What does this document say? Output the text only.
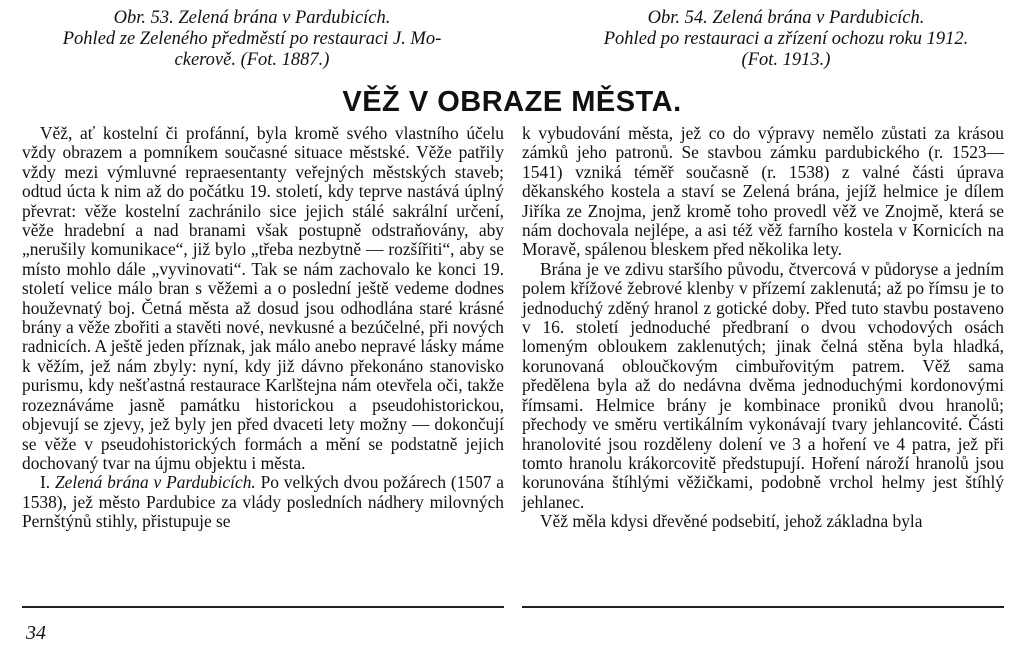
Obr. 53. Zelená brána v Pardubicích.

Pohled ze Zeleného předměstí po restauraci J. Mo-

ckerově. (Fot. 1887.)

Obr. 54. Zelená brána v Pardubicích.

Pohled po restauraci a zřízení ochozu roku 1912.

(Fot. 1913.)

VĚŽ V OBRAZE MĚSTA.

Věž, ať kostelní či profánní, byla kromě svého vlastního účelu vždy obrazem a pomníkem současné situace městské. Věže patřily vždy mezi výmluvné repraesentanty veřejných městských staveb; odtud úcta k nim až do počátku 19. století, kdy teprve nastává úplný převrat: věže kostelní zachránilo sice jejich stálé sakrální určení, věže hradební a nad branami však postupně odstraňovány, aby „nerušily komunikace“, již bylo „třeba nezbytně — rozšířiti“, aby se místo mohlo dále „vyvinovati“. Tak se nám zachovalo ke konci 19. století velice málo bran s věžemi a o poslední ještě vedeme dodnes houževnatý boj. Četná města až dosud jsou odhodlána staré krásné brány a věže zbořiti a stavěti nové, nevkusné a bezúčelné, při nových radnicích. A ještě jeden příznak, jak málo anebo nepravé lásky máme k věžím, jež nám zbyly: nyní, kdy již dávno překonáno stanovisko purismu, kdy nešťastná restaurace Karlštejna nám otevřela oči, takže rozeznáváme jasně památku historickou a pseudohistorickou, objevují se zjevy, jež byly jen před dvaceti lety možny — dokončují se věže v pseudohistorických formách a mění se podstatně jejich dochovaný tvar na újmu objektu i města.

I. Zelená brána v Pardubicích. Po velkých dvou požárech (1507 a 1538), jež město Pardubice za vlády posledních nádhery milovných Pernštýnů stihly, přistupuje se

k vybudování města, jež co do výpravy nemělo zůstati za krásou zámků jeho patronů. Se stavbou zámku pardubického (r. 1523—1541) vzniká téměř současně (r. 1538) z valné části úprava děkanského kostela a staví se Zelená brána, jejíž helmice je dílem Jiříka ze Znojma, jenž kromě toho provedl věž ve Znojmě, která se nám dochovala nejlépe, a asi též věž farního kostela v Kornicích na Moravě, spálenou bleskem před několika lety.

Brána je ve zdivu staršího původu, čtvercová v půdoryse a jedním polem křížové žebrové klenby v přízemí zaklenutá; až po římsu je to jednoduchý zděný hranol z gotické doby. Před tuto stavbu postaveno v 16. století jednoduché předbraní o dvou vchodových osách lomeným obloukem zaklenutých; jinak čelná stěna byla hladká, korunovaná obloučkovým cimbuřovitým patrem. Věž sama předělena byla až do nedávna dvěma jednoduchými kordonovými římsami. Helmice brány je kombinace proniků dvou hranolů; přechody ve směru vertikálním vykonávají tvary jehlancovité. Části hranolovité jsou rozděleny dolení ve 3 a hoření ve 4 patra, jež při tomto hranolu krákorcovitě předstupují. Hoření nároží hranolů jsou korunována štíhlými věžičkami, podobně vrchol helmy jest štíhlý jehlanec.

Věž měla kdysi dřevěné podsebití, jehož základna byla

34
